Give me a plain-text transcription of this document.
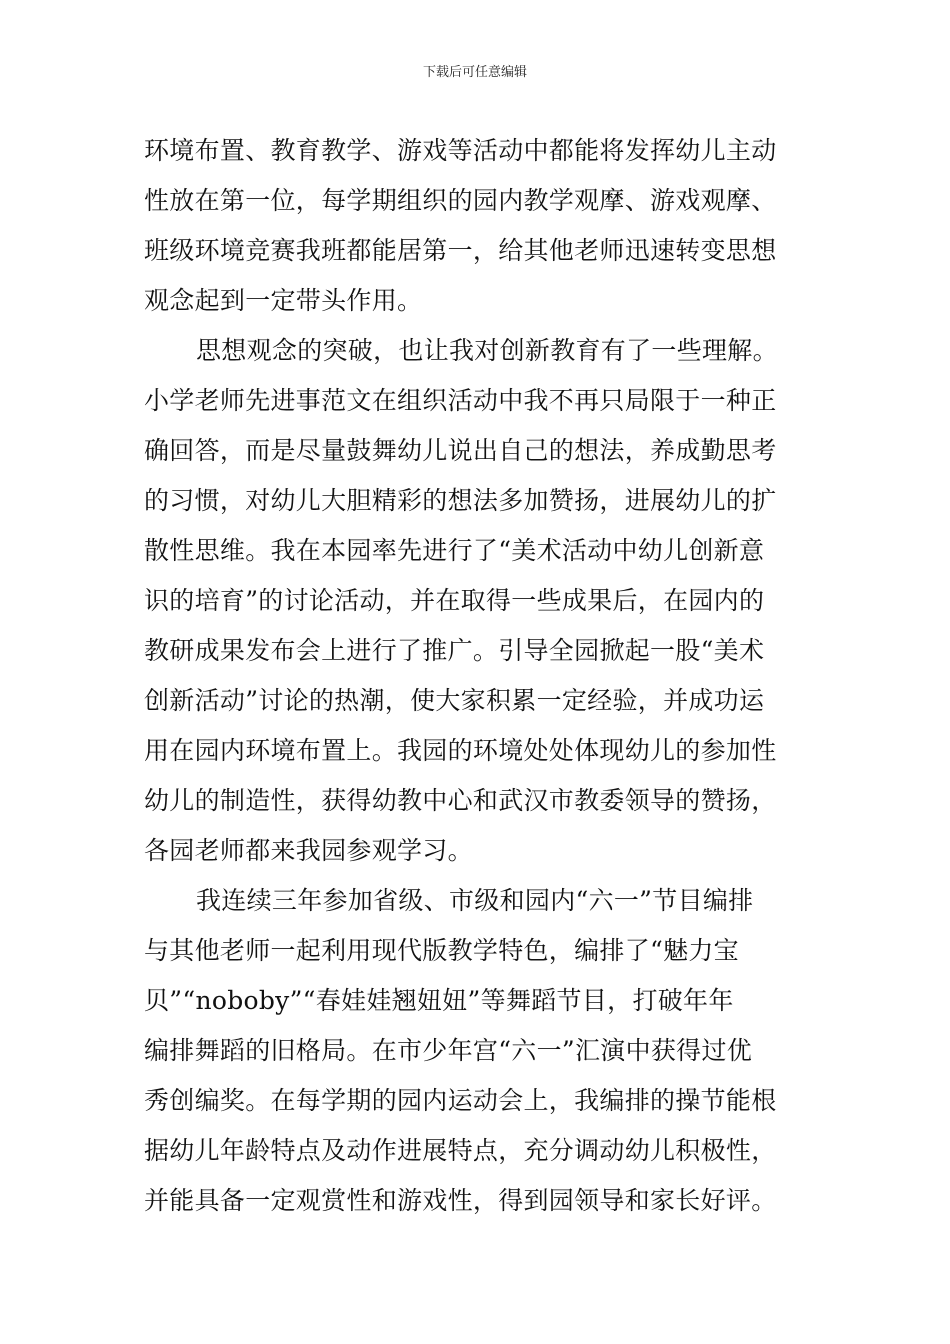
下载后可任意编辑
环境布置、教育教学、游戏等活动中都能将发挥幼儿主动
性放在第一位，每学期组织的园内教学观摩、游戏观摩、
班级环境竞赛我班都能居第一，给其他老师迅速转变思想
观念起到一定带头作用。
思想观念的突破，也让我对创新教育有了一些理解。
小学老师先进事范文在组织活动中我不再只局限于一种正
确回答，而是尽量鼓舞幼儿说出自己的想法，养成勤思考
的习惯，对幼儿大胆精彩的想法多加赞扬，进展幼儿的扩
散性思维。我在本园率先进行了“美术活动中幼儿创新意
识的培育”的讨论活动，并在取得一些成果后，在园内的
教研成果发布会上进行了推广。引导全园掀起一股“美术
创新活动”讨论的热潮，使大家积累一定经验，并成功运
用在园内环境布置上。我园的环境处处体现幼儿的参加性
幼儿的制造性，获得幼教中心和武汉市教委领导的赞扬，
各园老师都来我园参观学习。
我连续三年参加省级、市级和园内“六一”节目编排
与其他老师一起利用现代版教学特色，编排了“魅力宝
贝”“noboby”“春娃娃翘妞妞”等舞蹈节目，打破年年
编排舞蹈的旧格局。在市少年宫“六一”汇演中获得过优
秀创编奖。在每学期的园内运动会上，我编排的操节能根
据幼儿年龄特点及动作进展特点，充分调动幼儿积极性，
并能具备一定观赏性和游戏性，得到园领导和家长好评。
